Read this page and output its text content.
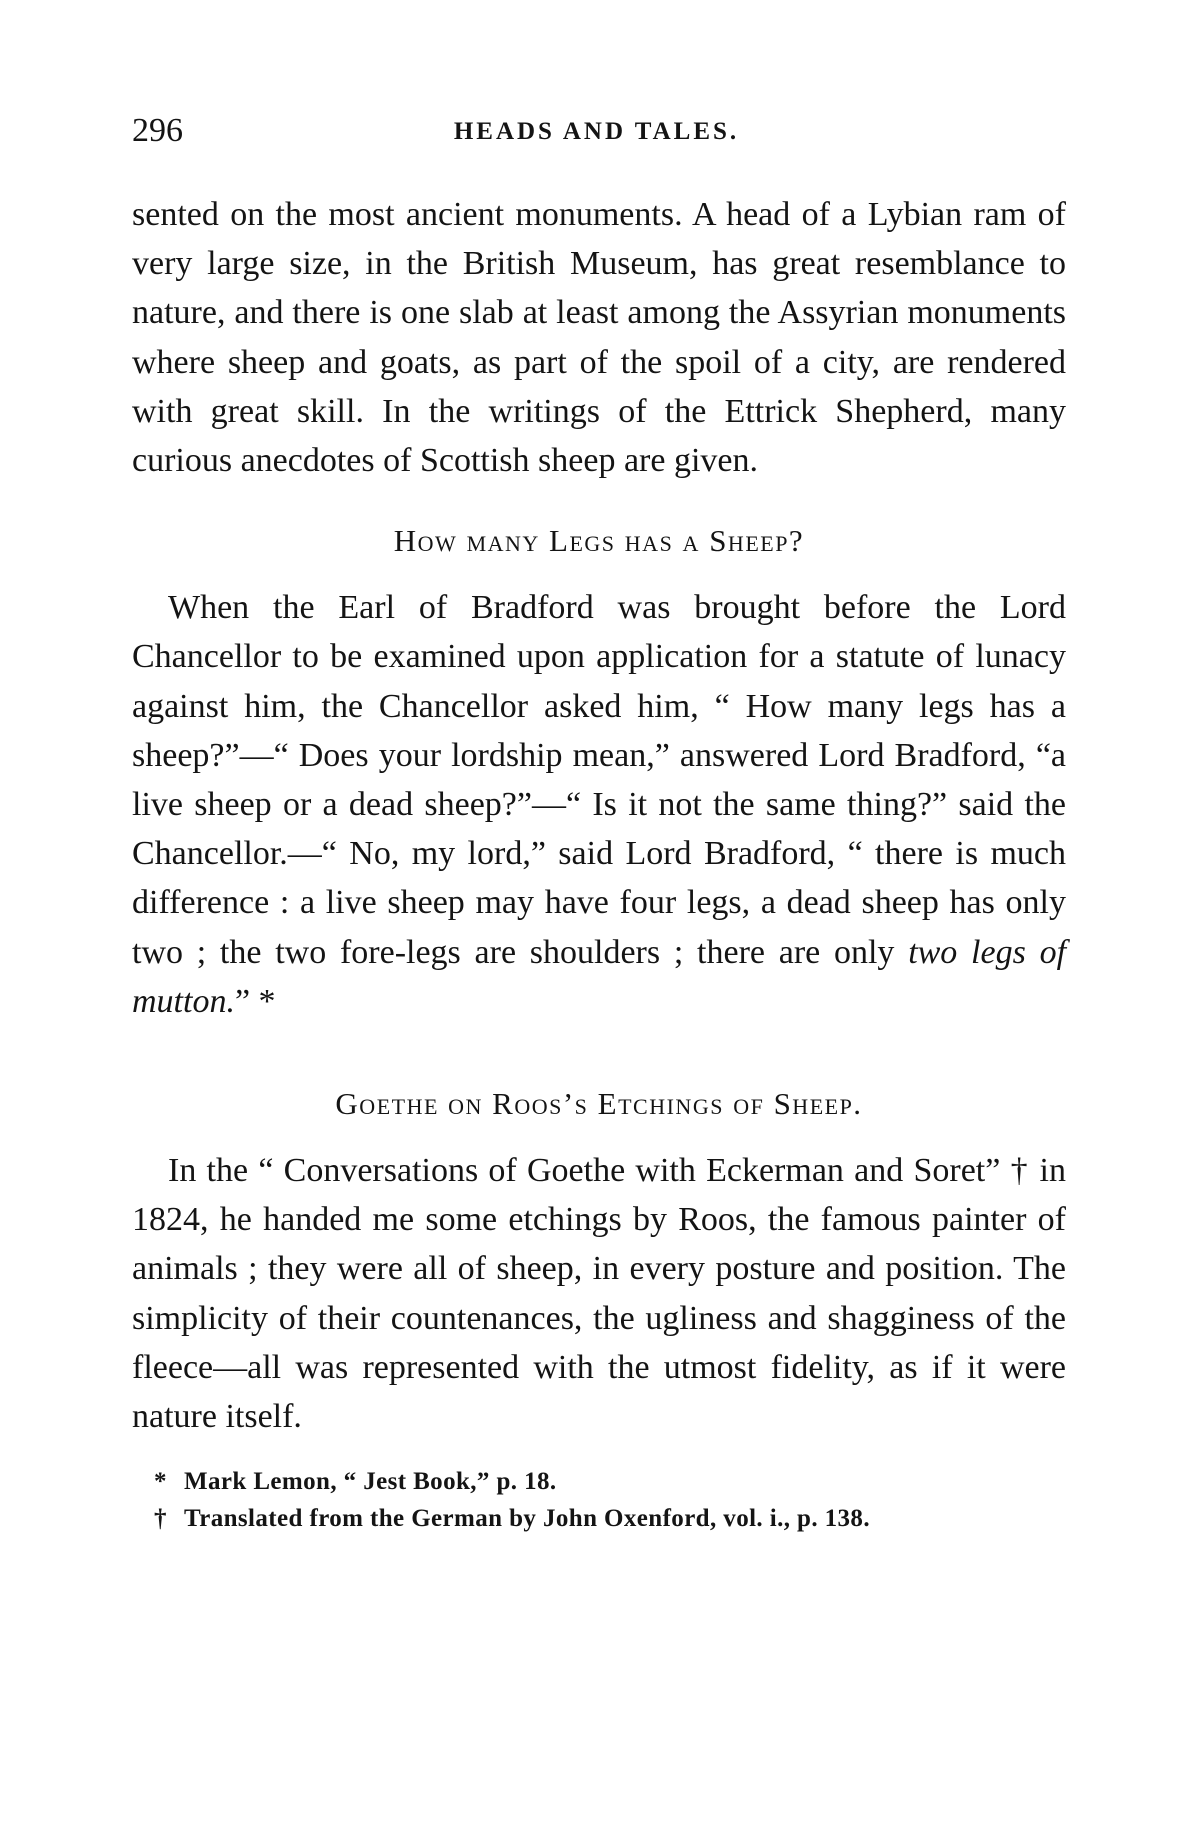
296	HEADS AND TALES.

sented on the most ancient monuments. A head of a Lybian ram of very large size, in the British Museum, has great resemblance to nature, and there is one slab at least among the Assyrian monuments where sheep and goats, as part of the spoil of a city, are rendered with great skill. In the writings of the Ettrick Shepherd, many curious anecdotes of Scottish sheep are given.

How many Legs has a Sheep?

When the Earl of Bradford was brought before the Lord Chancellor to be examined upon application for a statute of lunacy against him, the Chancellor asked him, “ How many legs has a sheep?”—“ Does your lordship mean,” answered Lord Bradford, “a live sheep or a dead sheep?”—“ Is it not the same thing?” said the Chancellor.—“ No, my lord,” said Lord Bradford, “ there is much difference : a live sheep may have four legs, a dead sheep has only two ; the two fore-legs are shoulders ; there are only two legs of mutton.” *

Goethe on Roos’s Etchings of Sheep.

In the “ Conversations of Goethe with Eckerman and Soret” † in 1824, he handed me some etchings by Roos, the famous painter of animals ; they were all of sheep, in every posture and position. The simplicity of their countenances, the ugliness and shagginess of the fleece—all was represented with the utmost fidelity, as if it were nature itself.

* Mark Lemon, “ Jest Book,” p. 18.

† Translated from the German by John Oxenford, vol. i., p. 138.
